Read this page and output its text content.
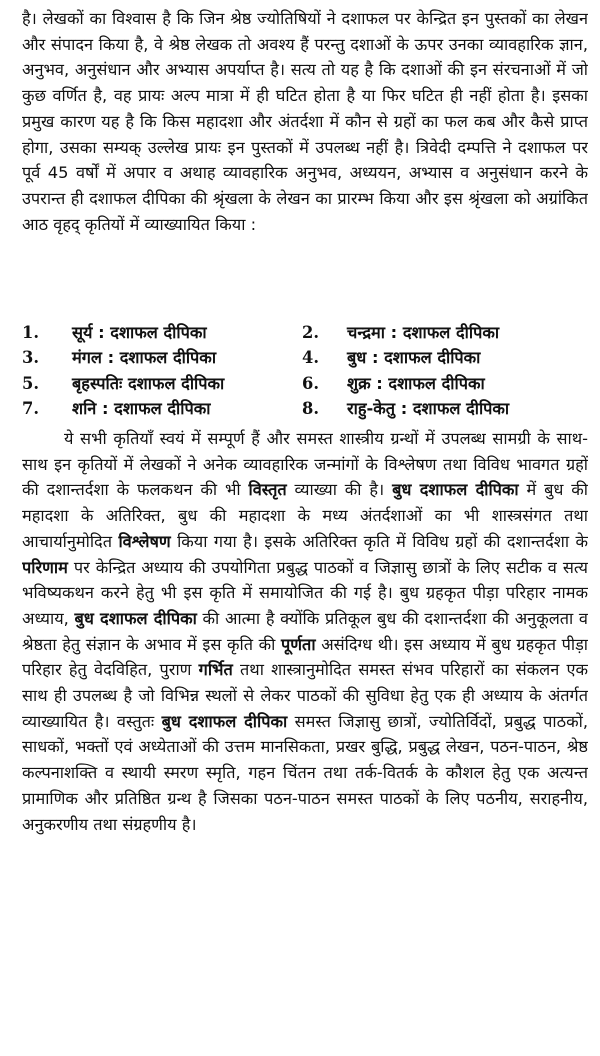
है। लेखकों का विश्वास है कि जिन श्रेष्ठ ज्योतिषियों ने दशाफल पर केन्द्रित इन पुस्तकों का लेखन और संपादन किया है, वे श्रेष्ठ लेखक तो अवश्य हैं परन्तु दशाओं के ऊपर उनका व्यावहारिक ज्ञान, अनुभव, अनुसंधान और अभ्यास अपर्याप्त है। सत्य तो यह है कि दशाओं की इन संरचनाओं में जो कुछ वर्णित है, वह प्रायः अल्प मात्रा में ही घटित होता है या फिर घटित ही नहीं होता है। इसका प्रमुख कारण यह है कि किस महादशा और अंतर्दशा में कौन से ग्रहों का फल कब और कैसे प्राप्त होगा, उसका सम्यक् उल्लेख प्रायः इन पुस्तकों में उपलब्ध नहीं है। त्रिवेदी दम्पत्ति ने दशाफल पर पूर्व 45 वर्षों में अपार व अथाह व्यावहारिक अनुभव, अध्ययन, अभ्यास व अनुसंधान करने के उपरान्त ही दशाफल दीपिका की श्रृंखला के लेखन का प्रारम्भ किया और इस श्रृंखला को अग्रांकित आठ वृहद् कृतियों में व्याख्यायित किया :

1.	सूर्य : दशाफल दीपिका	2.	चन्द्रमा : दशाफल दीपिका
3.	मंगल : दशाफल दीपिका	4.	बुध : दशाफल दीपिका
5.	बृहस्पतिः दशाफल दीपिका	6.	शुक्र : दशाफल दीपिका
7.	शनि : दशाफल दीपिका	8.	राहु-केतु : दशाफल दीपिका

ये सभी कृतियाँ स्वयं में सम्पूर्ण हैं और समस्त शास्त्रीय ग्रन्थों में उपलब्ध सामग्री के साथ-साथ इन कृतियों में लेखकों ने अनेक व्यावहारिक जन्मांगों के विश्लेषण तथा विविध भावगत ग्रहों की दशान्तर्दशा के फलकथन की भी विस्तृत व्याख्या की है। बुध दशाफल दीपिका में बुध की महादशा के अतिरिक्त, बुध की महादशा के मध्य अंतर्दशाओं का भी शास्त्रसंगत तथा आचार्यानुमोदित विश्लेषण किया गया है। इसके अतिरिक्त कृति में विविध ग्रहों की दशान्तर्दशा के परिणाम पर केन्द्रित अध्याय की उपयोगिता प्रबुद्ध पाठकों व जिज्ञासु छात्रों के लिए सटीक व सत्य भविष्यकथन करने हेतु भी इस कृति में समायोजित की गई है। बुध ग्रहकृत पीड़ा परिहार नामक अध्याय, बुध दशाफल दीपिका की आत्मा है क्योंकि प्रतिकूल बुध की दशान्तर्दशा की अनुकूलता व श्रेष्ठता हेतु संज्ञान के अभाव में इस कृति की पूर्णता असंदिग्ध थी। इस अध्याय में बुध ग्रहकृत पीड़ा परिहार हेतु वेदविहित, पुराण गर्भित तथा शास्त्रानुमोदित समस्त संभव परिहारों का संकलन एक साथ ही उपलब्ध है जो विभिन्न स्थलों से लेकर पाठकों की सुविधा हेतु एक ही अध्याय के अंतर्गत व्याख्यायित है। वस्तुतः बुध दशाफल दीपिका समस्त जिज्ञासु छात्रों, ज्योतिर्विदों, प्रबुद्ध पाठकों, साधकों, भक्तों एवं अध्येताओं की उत्तम मानसिकता, प्रखर बुद्धि, प्रबुद्ध लेखन, पठन-पाठन, श्रेष्ठ कल्पनाशक्ति व स्थायी स्मरण स्मृति, गहन चिंतन तथा तर्क-वितर्क के कौशल हेतु एक अत्यन्त प्रामाणिक और प्रतिष्ठित ग्रन्थ है जिसका पठन-पाठन समस्त पाठकों के लिए पठनीय, सराहनीय, अनुकरणीय तथा संग्रहणीय है।
